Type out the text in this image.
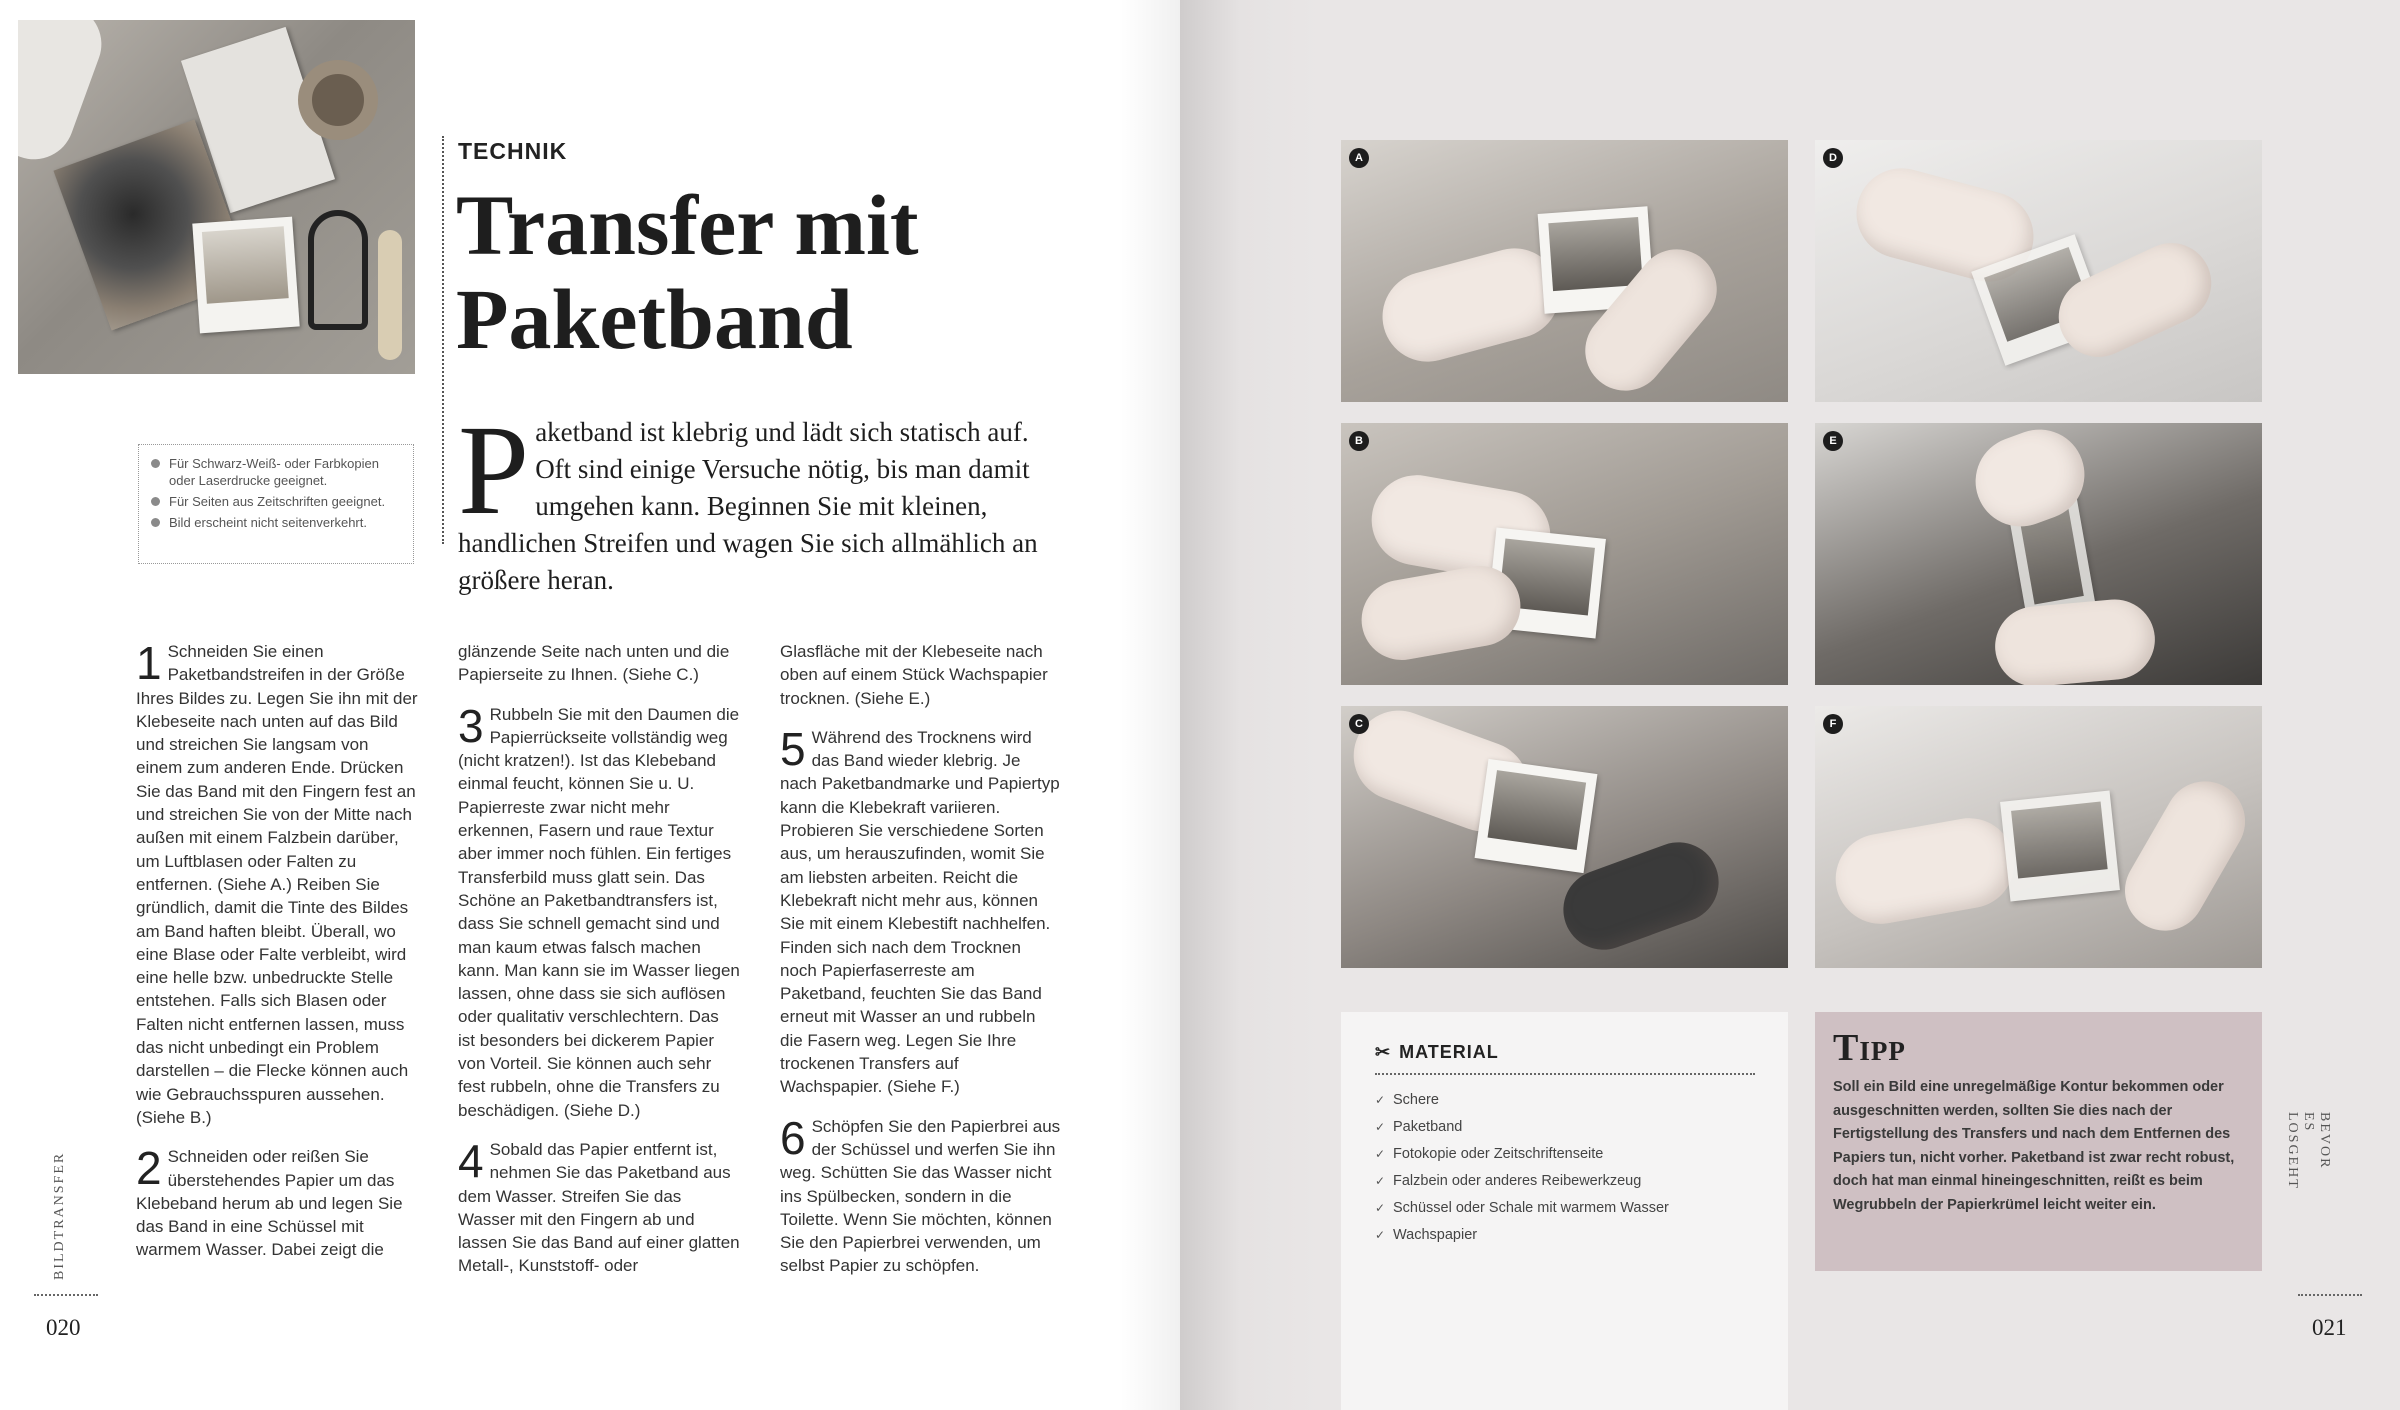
TECHNIK
Transfer mit Paketband
Paketband ist klebrig und lädt sich statisch auf. Oft sind einige Versuche nötig, bis man damit umgehen kann. Beginnen Sie mit kleinen, handlichen Streifen und wagen Sie sich allmählich an größere heran.
Für Schwarz-Weiß- oder Farbkopien oder Laserdrucke geeignet.
Für Seiten aus Zeitschriften geeignet.
Bild erscheint nicht seitenverkehrt.

1 Schneiden Sie einen Paketbandstreifen in der Größe Ihres Bildes zu. Legen Sie ihn mit der Klebeseite nach unten auf das Bild und streichen Sie langsam von einem zum anderen Ende. Drücken Sie das Band mit den Fingern fest an und streichen Sie von der Mitte nach außen mit einem Falzbein darüber, um Luftblasen oder Falten zu entfernen. (Siehe A.) Reiben Sie gründlich, damit die Tinte des Bildes am Band haften bleibt. Überall, wo eine Blase oder Falte verbleibt, wird eine helle bzw. unbedruckte Stelle entstehen. Falls sich Blasen oder Falten nicht entfernen lassen, muss das nicht unbedingt ein Problem darstellen – die Flecke können auch wie Gebrauchsspuren aussehen. (Siehe B.)

2 Schneiden oder reißen Sie überstehendes Papier um das Klebeband herum ab und legen Sie das Band in eine Schüssel mit warmem Wasser. Dabei zeigt die

glänzende Seite nach unten und die Papierseite zu Ihnen. (Siehe C.)

3 Rubbeln Sie mit den Daumen die Papierrückseite vollständig weg (nicht kratzen!). Ist das Klebeband einmal feucht, können Sie u. U. Papierreste zwar nicht mehr erkennen, Fasern und raue Textur aber immer noch fühlen. Ein fertiges Transferbild muss glatt sein. Das Schöne an Paketbandtransfers ist, dass Sie schnell gemacht sind und man kaum etwas falsch machen kann. Man kann sie im Wasser liegen lassen, ohne dass sie sich auflösen oder qualitativ verschlechtern. Das ist besonders bei dickerem Papier von Vorteil. Sie können auch sehr fest rubbeln, ohne die Transfers zu beschädigen. (Siehe D.)

4 Sobald das Papier entfernt ist, nehmen Sie das Paketband aus dem Wasser. Streifen Sie das Wasser mit den Fingern ab und lassen Sie das Band auf einer glatten Metall-, Kunststoff- oder

Glasfläche mit der Klebeseite nach oben auf einem Stück Wachspapier trocknen. (Siehe E.)

5 Während des Trocknens wird das Band wieder klebrig. Je nach Paketbandmarke und Papiertyp kann die Klebekraft variieren. Probieren Sie verschiedene Sorten aus, um herauszufinden, womit Sie am liebsten arbeiten. Reicht die Klebekraft nicht mehr aus, können Sie mit einem Klebestift nachhelfen. Finden sich nach dem Trocknen noch Papierfaserreste am Paketband, feuchten Sie das Band erneut mit Wasser an und rubbeln die Fasern weg. Legen Sie Ihre trockenen Transfers auf Wachspapier. (Siehe F.)

6 Schöpfen Sie den Papierbrei aus der Schüssel und werfen Sie ihn weg. Schütten Sie das Wasser nicht ins Spülbecken, sondern in die Toilette. Wenn Sie möchten, können Sie den Papierbrei verwenden, um selbst Papier zu schöpfen.

BILDTRANSFER
020
A
B
C
D
E
F
✂ MATERIAL
✓ Schere
✓ Paketband
✓ Fotokopie oder Zeitschriftenseite
✓ Falzbein oder anderes Reibewerkzeug
✓ Schüssel oder Schale mit warmem Wasser
✓ Wachspapier
Tipp
Soll ein Bild eine unregelmäßige Kontur bekommen oder ausgeschnitten werden, sollten Sie dies nach der Fertigstellung des Transfers und nach dem Entfernen des Papiers tun, nicht vorher. Paketband ist zwar recht robust, doch hat man einmal hineingeschnitten, reißt es beim Wegrubbeln der Papierkrümel leicht weiter ein.
BEVOR ES LOSGEHT
021
